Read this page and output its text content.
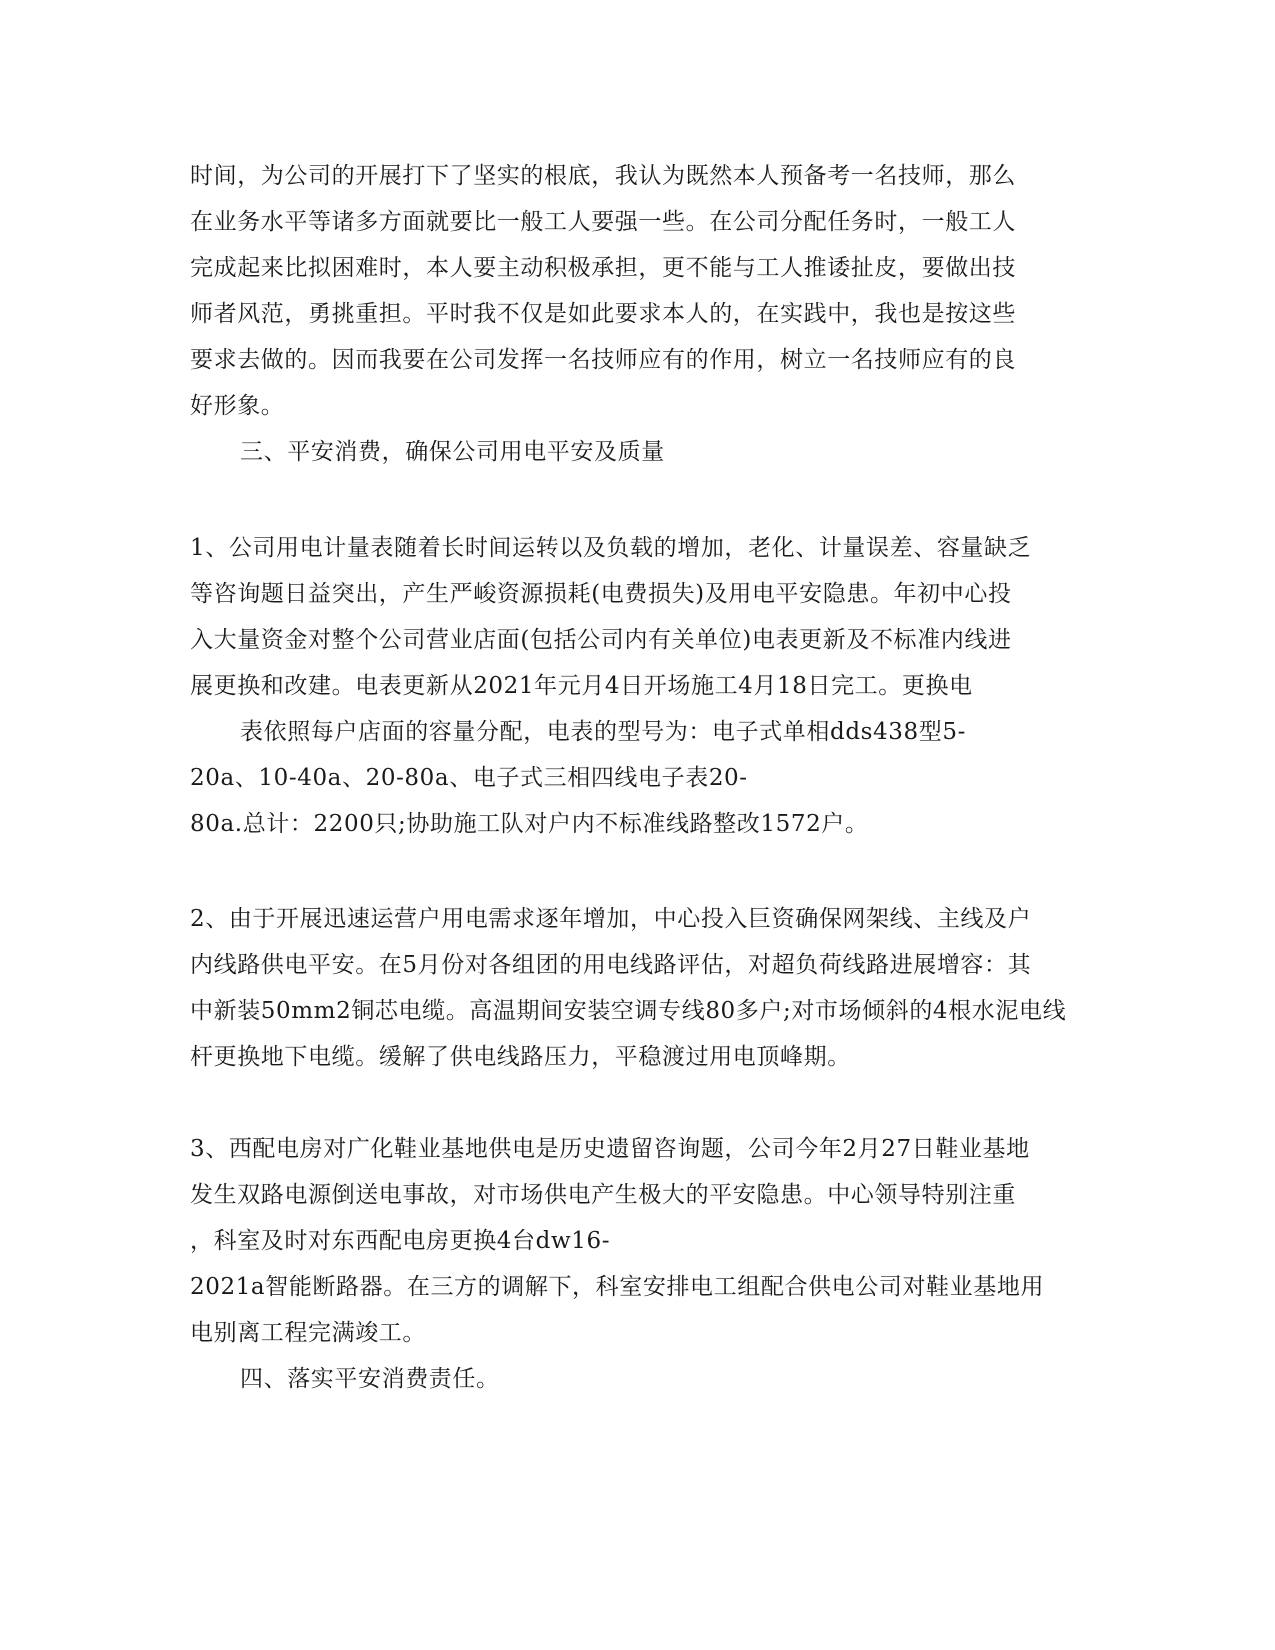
时间，为公司的开展打下了坚实的根底，我认为既然本人预备考一名技师，那么
在业务水平等诸多方面就要比一般工人要强一些。在公司分配任务时，一般工人
完成起来比拟困难时，本人要主动积极承担，更不能与工人推诿扯皮，要做出技
师者风范，勇挑重担。平时我不仅是如此要求本人的，在实践中，我也是按这些
要求去做的。因而我要在公司发挥一名技师应有的作用，树立一名技师应有的良
好形象。
三、平安消费，确保公司用电平安及质量
1、公司用电计量表随着长时间运转以及负载的增加，老化、计量误差、容量缺乏
等咨询题日益突出，产生严峻资源损耗(电费损失)及用电平安隐患。年初中心投
入大量资金对整个公司营业店面(包括公司内有关单位)电表更新及不标准内线进
展更换和改建。电表更新从2021年元月4日开场施工4月18日完工。更换电
表依照每户店面的容量分配，电表的型号为：电子式单相dds438型5-
20a、10-40a、20-80a、电子式三相四线电子表20-
80a.总计：2200只;协助施工队对户内不标准线路整改1572户。
2、由于开展迅速运营户用电需求逐年增加，中心投入巨资确保网架线、主线及户
内线路供电平安。在5月份对各组团的用电线路评估，对超负荷线路进展增容：其
中新装50mm2铜芯电缆。高温期间安装空调专线80多户;对市场倾斜的4根水泥电线
杆更换地下电缆。缓解了供电线路压力，平稳渡过用电顶峰期。
3、西配电房对广化鞋业基地供电是历史遗留咨询题，公司今年2月27日鞋业基地
发生双路电源倒送电事故，对市场供电产生极大的平安隐患。中心领导特别注重
，科室及时对东西配电房更换4台dw16-
2021a智能断路器。在三方的调解下，科室安排电工组配合供电公司对鞋业基地用
电别离工程完满竣工。
四、落实平安消费责任。
